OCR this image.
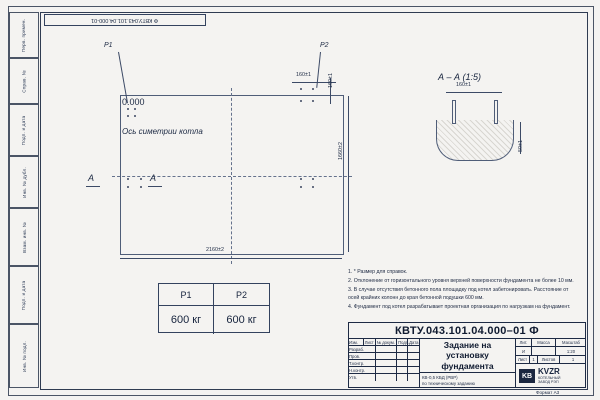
Перв. примен.
Справ. №
Подп. и дата
Инв. № дубл.
Взам. инв. №
Подп. и дата
Инв. № подл.
Ф КВТУ.043.101.04.000-01
Р1	Р2
0.000
Ось симетрии котла
А	А
2160±2
1660±2
160±1	160±1	А – А (1:5)
160±1
50±1
Р1	Р2
600 кг	600 кг

1. * Размер для справок.

2. Отклонение от горизонтального уровня верхней поверхности фундамента не более 10 мм.

3. В случае отсутствия бетонного пола площадку под котел забетонировать. Расстояние от осей крайних колонн до края бетонной подушки 600 мм.

4. Фундамент под котел разрабатывает проектная организация по нагрузкам на фундамент.

КВТУ.043.101.04.000–01 Ф
Изм.	Лист № докум. Подп. Дата
Разраб.
Пров.
Т.контр.
Н.контр.
Утв.
Задание на
установку
фундамента
КВ-0,5 КБД (РВР)
по техническому заданию
Лит.	Масса	Масштаб
И	1:20
Лист	1	Листов	1
KB
KVZR
КОТЕЛЬНЫЙ
ЗАВОД РЭП
Формат А3
